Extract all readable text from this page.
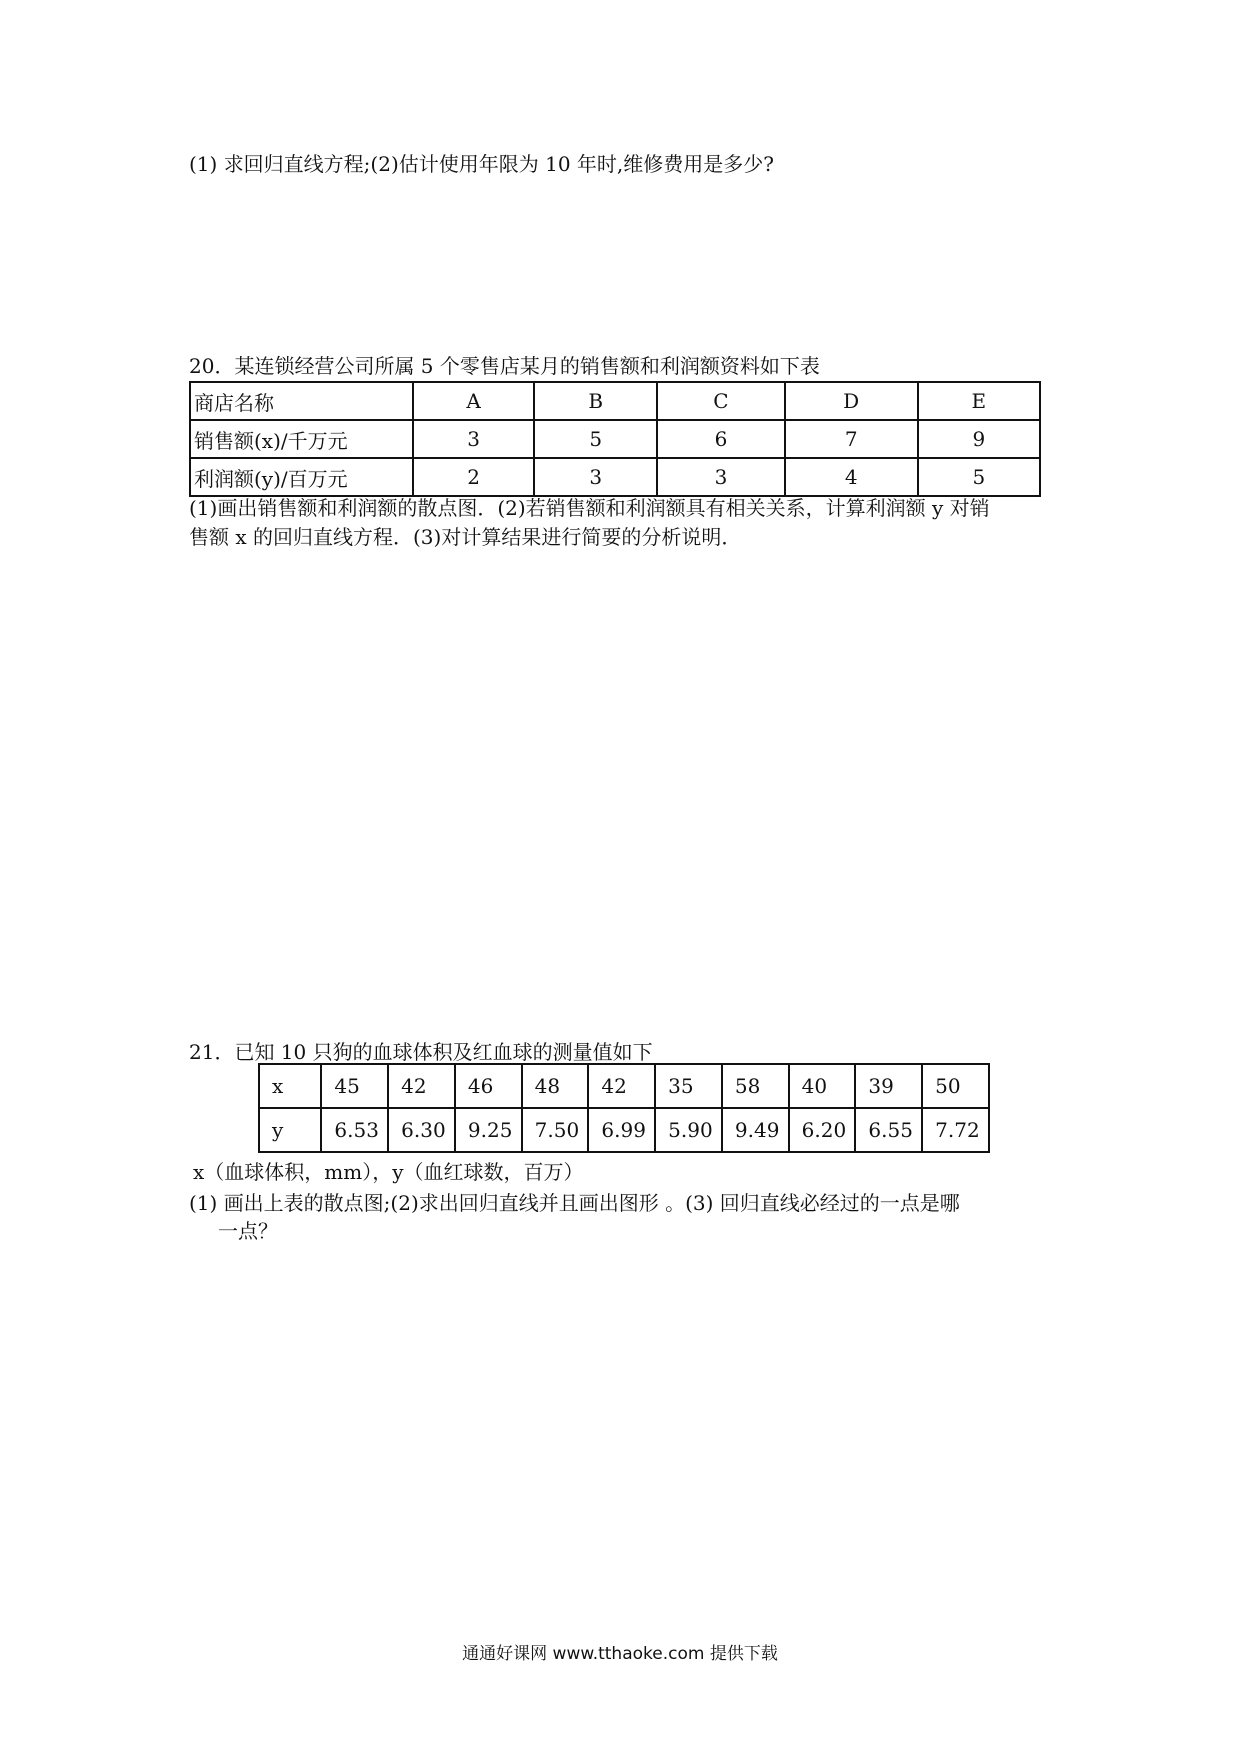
(1) 求回归直线方程;(2)估计使用年限为 10 年时,维修费用是多少?
20．某连锁经营公司所属 5 个零售店某月的销售额和利润额资料如下表
商店名称	A	B	C	D	E
销售额(x)/千万元	3	5	6	7	9
利润额(y)/百万元	2	3	3	4	5
(1)画出销售额和利润额的散点图．(2)若销售额和利润额具有相关关系，计算利润额 y 对销
售额 x 的回归直线方程．(3)对计算结果进行简要的分析说明．
21．已知 10 只狗的血球体积及红血球的测量值如下
x	45	42	46	48	42	35	58	40	39	50
y	6.53	6.30	9.25	7.50	6.99	5.90	9.49	6.20	6.55	7.72
x（血球体积，mm），y（血红球数，百万）
(1) 画出上表的散点图;(2)求出回归直线并且画出图形 。(3) 回归直线必经过的一点是哪
一点？
通通好课网 www.tthaoke.com 提供下载
